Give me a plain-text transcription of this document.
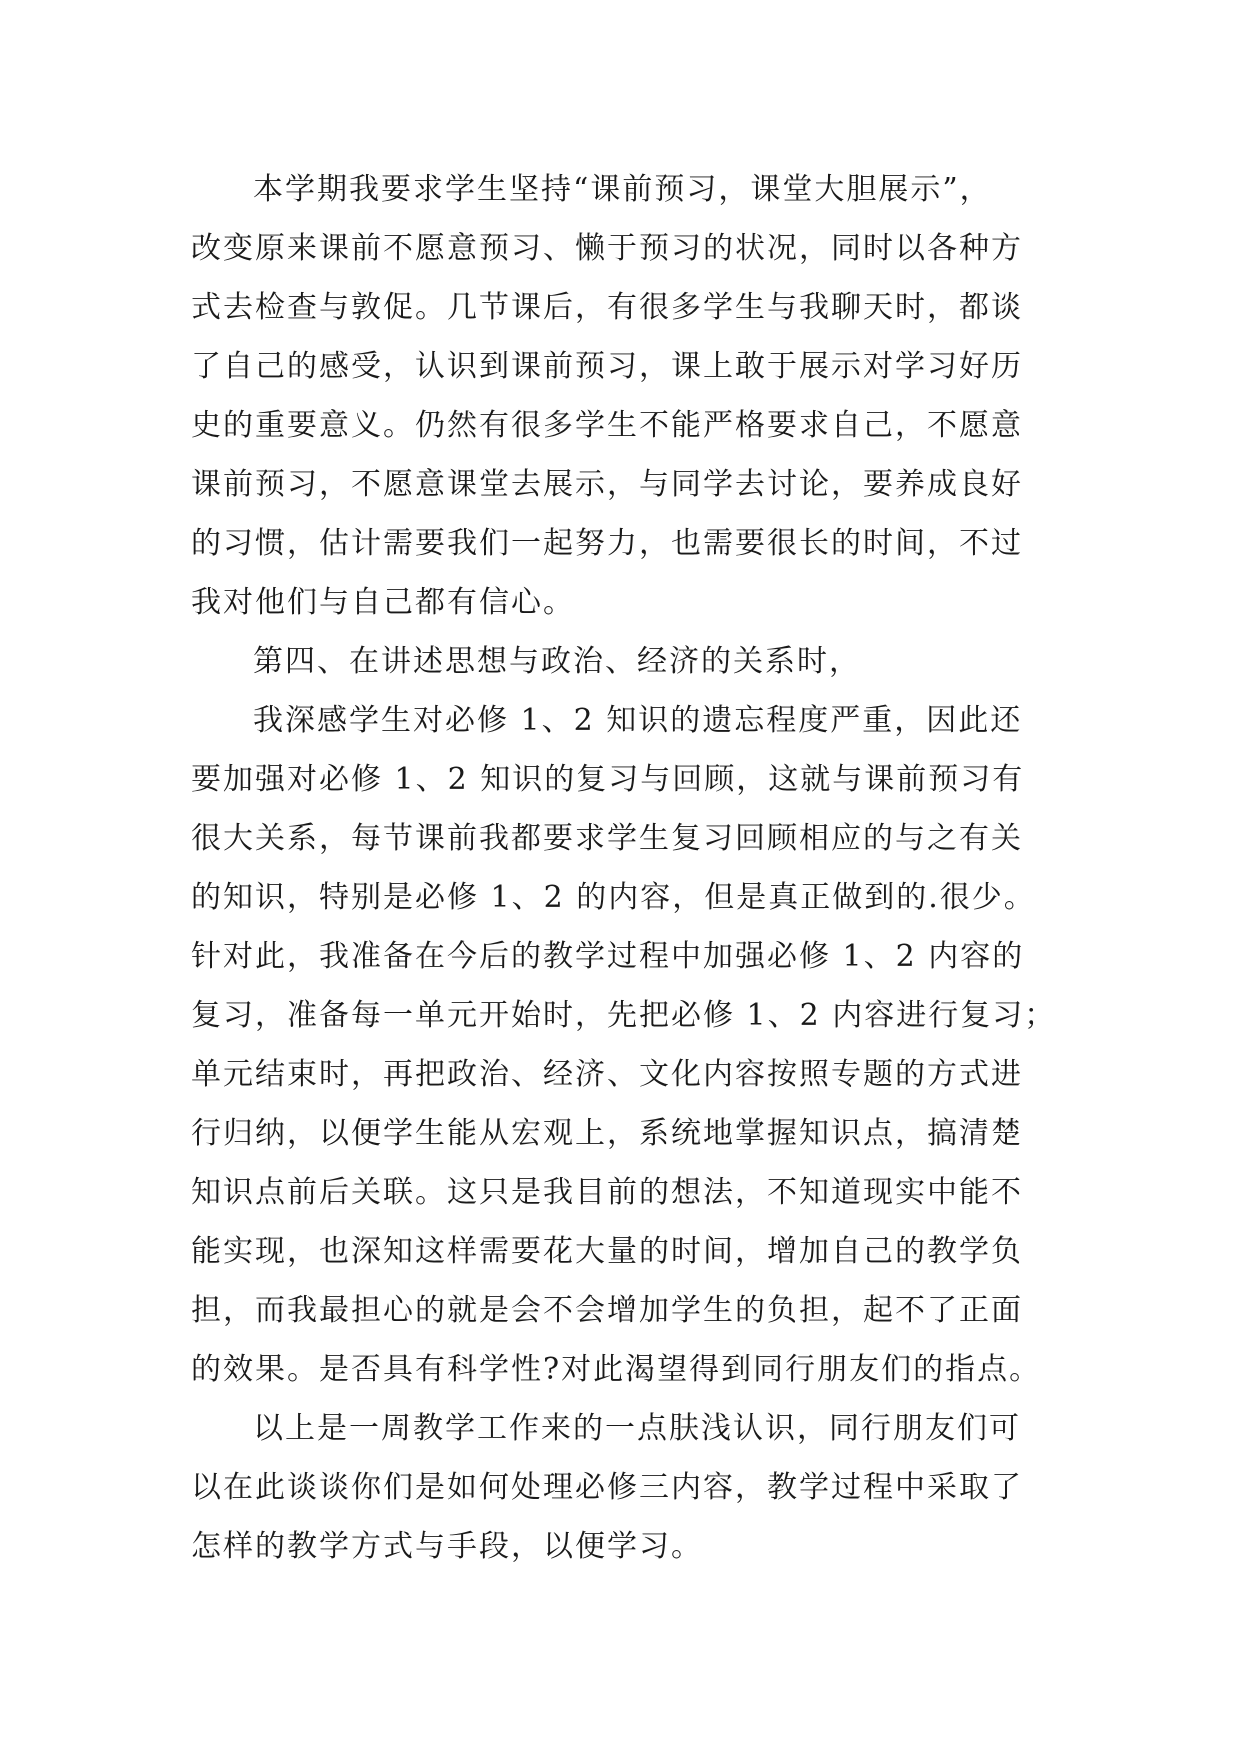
本学期我要求学生坚持“课前预习，课堂大胆展示”，
改变原来课前不愿意预习、懒于预习的状况，同时以各种方
式去检查与敦促。几节课后，有很多学生与我聊天时，都谈
了自己的感受，认识到课前预习，课上敢于展示对学习好历
史的重要意义。仍然有很多学生不能严格要求自己，不愿意
课前预习，不愿意课堂去展示，与同学去讨论，要养成良好
的习惯，估计需要我们一起努力，也需要很长的时间，不过
我对他们与自己都有信心。
第四、在讲述思想与政治、经济的关系时，
我深感学生对必修 1、2 知识的遗忘程度严重，因此还
要加强对必修 1、2 知识的复习与回顾，这就与课前预习有
很大关系，每节课前我都要求学生复习回顾相应的与之有关
的知识，特别是必修 1、2 的内容，但是真正做到的.很少。
针对此，我准备在今后的教学过程中加强必修 1、2 内容的
复习，准备每一单元开始时，先把必修 1、2 内容进行复习；
单元结束时，再把政治、经济、文化内容按照专题的方式进
行归纳，以便学生能从宏观上，系统地掌握知识点，搞清楚
知识点前后关联。这只是我目前的想法，不知道现实中能不
能实现，也深知这样需要花大量的时间，增加自己的教学负
担，而我最担心的就是会不会增加学生的负担，起不了正面
的效果。是否具有科学性?对此渴望得到同行朋友们的指点。
以上是一周教学工作来的一点肤浅认识，同行朋友们可
以在此谈谈你们是如何处理必修三内容，教学过程中采取了
怎样的教学方式与手段，以便学习。
